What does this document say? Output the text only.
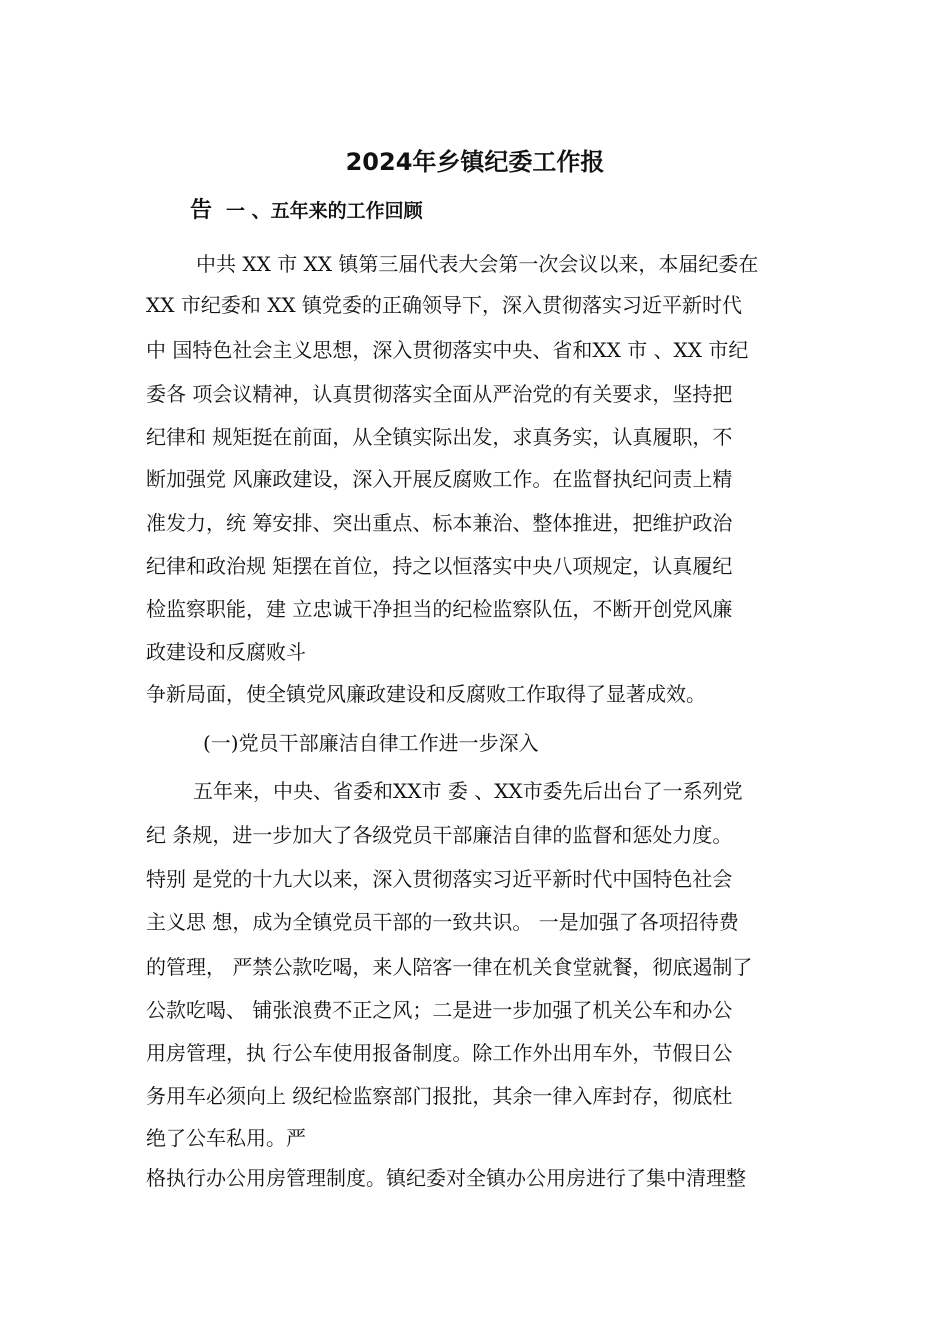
2024年乡镇纪委工作报
告 一 、五年来的工作回顾
中共 XX 市 XX 镇第三届代表大会第一次会议以来，本届纪委在
XX 市纪委和 XX 镇党委的正确领导下，深入贯彻落实习近平新时代
中 国特色社会主义思想，深入贯彻落实中央、省和XX 市 、XX 市纪
委各 项会议精神，认真贯彻落实全面从严治党的有关要求，坚持把
纪律和 规矩挺在前面，从全镇实际出发，求真务实，认真履职，不
断加强党 风廉政建设，深入开展反腐败工作。在监督执纪问责上精
准发力，统 筹安排、突出重点、标本兼治、整体推进，把维护政治
纪律和政治规 矩摆在首位，持之以恒落实中央八项规定，认真履纪
检监察职能，建 立忠诚干净担当的纪检监察队伍，不断开创党风廉
政建设和反腐败斗
争新局面，使全镇党风廉政建设和反腐败工作取得了显著成效。
(一)党员干部廉洁自律工作进一步深入
五年来，中央、省委和XX市 委 、XX市委先后出台了一系列党
纪 条规，进一步加大了各级党员干部廉洁自律的监督和惩处力度。
特别 是党的十九大以来，深入贯彻落实习近平新时代中国特色社会
主义思 想，成为全镇党员干部的一致共识。 一是加强了各项招待费
的管理， 严禁公款吃喝，来人陪客一律在机关食堂就餐，彻底遏制了
公款吃喝、 铺张浪费不正之风；二是进一步加强了机关公车和办公
用房管理，执 行公车使用报备制度。除工作外出用车外，节假日公
务用车必须向上 级纪检监察部门报批，其余一律入库封存，彻底杜
绝了公车私用。严
格执行办公用房管理制度。镇纪委对全镇办公用房进行了集中清理整
